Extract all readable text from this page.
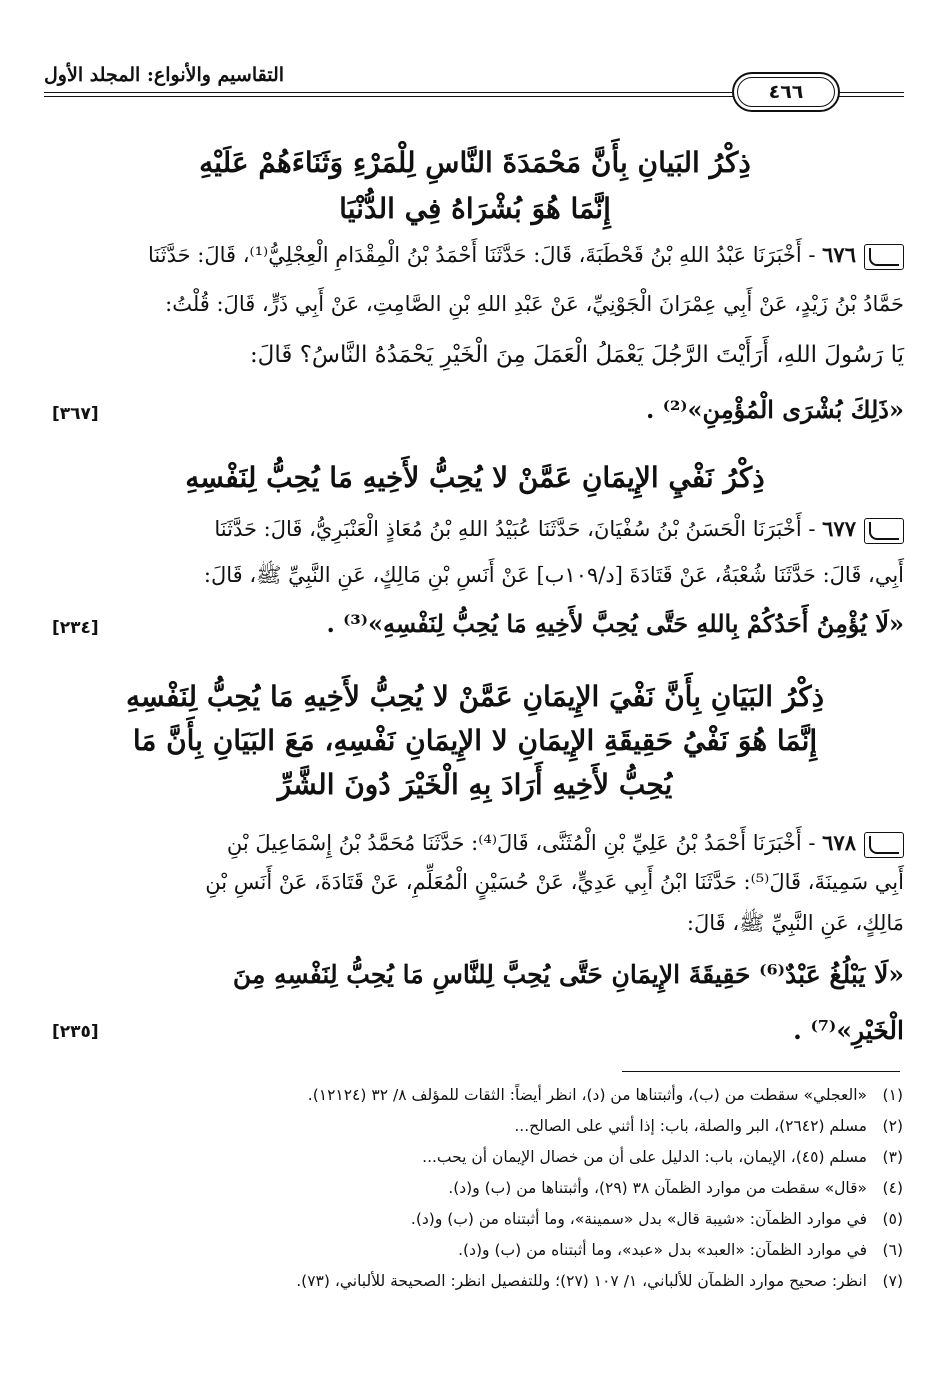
التقاسيم والأنواع: المجلد الأول
٤٦٦
ذِكْرُ البَيانِ بِأَنَّ مَحْمَدَةَ النَّاسِ لِلْمَرْءِ وَثَنَاءَهُمْ عَلَيْهِ
إِنَّمَا هُوَ بُشْرَاهُ فِي الدُّنْيَا
٦٧٦ - أَخْبَرَنَا عَبْدُ اللهِ بْنُ قَحْطَبَةَ، قَالَ: حَدَّثَنَا أَحْمَدُ بْنُ الْمِقْدَامِ الْعِجْلِيُّ⁽¹⁾، قَالَ: حَدَّثَنَا
حَمَّادُ بْنُ زَيْدٍ، عَنْ أَبِي عِمْرَانَ الْجَوْنِيِّ، عَنْ عَبْدِ اللهِ بْنِ الصَّامِتِ، عَنْ أَبِي ذَرٍّ، قَالَ: قُلْتُ:
يَا رَسُولَ اللهِ، أَرَأَيْتَ الرَّجُلَ يَعْمَلُ الْعَمَلَ مِنَ الْخَيْرِ يَحْمَدُهُ النَّاسُ؟ قَالَ:
«ذَلِكَ بُشْرَى الْمُؤْمِنِ»⁽²⁾ .
[٣٦٧]
ذِكْرُ نَفْيِ الإِيمَانِ عَمَّنْ لا يُحِبُّ لأَخِيهِ مَا يُحِبُّ لِنَفْسِهِ
٦٧٧ - أَخْبَرَنَا الْحَسَنُ بْنُ سُفْيَانَ، حَدَّثَنَا عُبَيْدُ اللهِ بْنُ مُعَاذٍ الْعَنْبَرِيُّ، قَالَ: حَدَّثَنَا
أَبِي، قَالَ: حَدَّثَنَا شُعْبَةُ، عَنْ قَتَادَةَ [د/١٠٩ب] عَنْ أَنَسِ بْنِ مَالِكٍ، عَنِ النَّبِيِّ ﷺ، قَالَ:
«لَا يُؤْمِنُ أَحَدُكُمْ بِاللهِ حَتَّى يُحِبَّ لأَخِيهِ مَا يُحِبُّ لِنَفْسِهِ»⁽³⁾ .
[٢٣٤]
ذِكْرُ البَيَانِ بِأَنَّ نَفْيَ الإِيمَانِ عَمَّنْ لا يُحِبُّ لأَخِيهِ مَا يُحِبُّ لِنَفْسِهِ
إِنَّمَا هُوَ نَفْيُ حَقِيقَةِ الإِيمَانِ لا الإِيمَانِ نَفْسِهِ، مَعَ البَيَانِ بِأَنَّ مَا
يُحِبُّ لأَخِيهِ أَرَادَ بِهِ الْخَيْرَ دُونَ الشَّرِّ
٦٧٨ - أَخْبَرَنَا أَحْمَدُ بْنُ عَلِيِّ بْنِ الْمُثَنَّى، قَالَ⁽⁴⁾: حَدَّثَنَا مُحَمَّدُ بْنُ إِسْمَاعِيلَ بْنِ
أَبِي سَمِينَةَ، قَالَ⁽⁵⁾: حَدَّثَنَا ابْنُ أَبِي عَدِيٍّ، عَنْ حُسَيْنٍ الْمُعَلِّمِ، عَنْ قَتَادَةَ، عَنْ أَنَسِ بْنِ
مَالِكٍ، عَنِ النَّبِيِّ ﷺ، قَالَ:
«لَا يَبْلُغُ عَبْدٌ⁽⁶⁾ حَقِيقَةَ الإِيمَانِ حَتَّى يُحِبَّ لِلنَّاسِ مَا يُحِبُّ لِنَفْسِهِ مِنَ
الْخَيْرِ»⁽⁷⁾ .
[٢٣٥]
(١)«العجلي» سقطت من (ب)، وأثبتناها من (د)، انظر أيضاً: الثقات للمؤلف ٨/ ٣٢ (١٢١٢٤).
(٢)مسلم (٢٦٤٢)، البر والصلة، باب: إذا أثني على الصالح...
(٣)مسلم (٤٥)، الإيمان، باب: الدليل على أن من خصال الإيمان أن يحب...
(٤)«قال» سقطت من موارد الظمآن ٣٨ (٢٩)، وأثبتناها من (ب) و(د).
(٥)في موارد الظمآن: «شيبة قال» بدل «سمينة»، وما أثبتناه من (ب) و(د).
(٦)في موارد الظمآن: «العبد» بدل «عبد»، وما أثبتناه من (ب) و(د).
(٧)انظر: صحيح موارد الظمآن للألباني، ١/ ١٠٧ (٢٧)؛ وللتفصيل انظر: الصحيحة للألباني، (٧٣).
